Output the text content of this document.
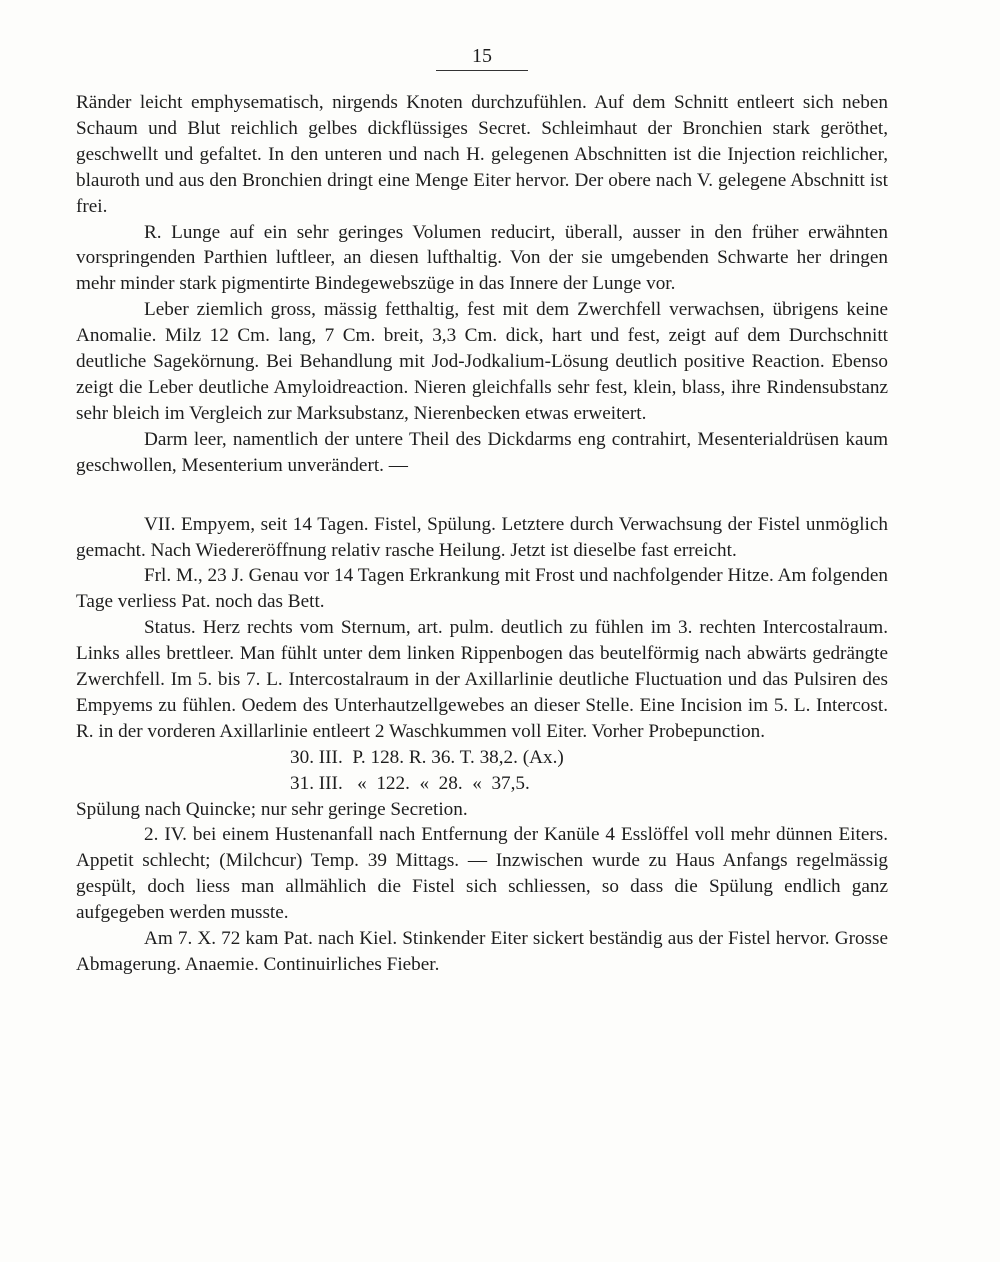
15

Ränder leicht emphysematisch, nirgends Knoten durchzufühlen. Auf dem Schnitt entleert sich neben Schaum und Blut reichlich gelbes dickflüssiges Secret. Schleimhaut der Bronchien stark geröthet, geschwellt und gefaltet. In den unteren und nach H. gelegenen Abschnitten ist die Injection reichlicher, blauroth und aus den Bronchien dringt eine Menge Eiter hervor. Der obere nach V. gelegene Abschnitt ist frei.

R. Lunge auf ein sehr geringes Volumen reducirt, überall, ausser in den früher erwähnten vorspringenden Parthien luftleer, an diesen lufthaltig. Von der sie umgebenden Schwarte her dringen mehr minder stark pigmentirte Bindegewebszüge in das Innere der Lunge vor.

Leber ziemlich gross, mässig fetthaltig, fest mit dem Zwerchfell verwachsen, übrigens keine Anomalie. Milz 12 Cm. lang, 7 Cm. breit, 3,3 Cm. dick, hart und fest, zeigt auf dem Durchschnitt deutliche Sagekörnung. Bei Behandlung mit Jod-Jodkalium-Lösung deutlich positive Reaction. Ebenso zeigt die Leber deutliche Amyloidreaction. Nieren gleichfalls sehr fest, klein, blass, ihre Rindensubstanz sehr bleich im Vergleich zur Marksubstanz, Nierenbecken etwas erweitert.

Darm leer, namentlich der untere Theil des Dickdarms eng contrahirt, Mesenterialdrüsen kaum geschwollen, Mesenterium unverändert. —

VII. Empyem, seit 14 Tagen. Fistel, Spülung. Letztere durch Verwachsung der Fistel unmöglich gemacht. Nach Wiedereröffnung relativ rasche Heilung. Jetzt ist dieselbe fast erreicht.

Frl. M., 23 J. Genau vor 14 Tagen Erkrankung mit Frost und nachfolgender Hitze. Am folgenden Tage verliess Pat. noch das Bett.

Status. Herz rechts vom Sternum, art. pulm. deutlich zu fühlen im 3. rechten Intercostalraum. Links alles brettleer. Man fühlt unter dem linken Rippenbogen das beutelförmig nach abwärts gedrängte Zwerchfell. Im 5. bis 7. L. Intercostalraum in der Axillarlinie deutliche Fluctuation und das Pulsiren des Empyems zu fühlen. Oedem des Unterhautzellgewebes an dieser Stelle. Eine Incision im 5. L. Intercost. R. in der vorderen Axillarlinie entleert 2 Waschkummen voll Eiter. Vorher Probepunction.

30. III.  P. 128. R. 36. T. 38,2. (Ax.)
31. III.   «  122.  «  28.  «  37,5.

Spülung nach Quincke; nur sehr geringe Secretion.

2. IV. bei einem Hustenanfall nach Entfernung der Kanüle 4 Esslöffel voll mehr dünnen Eiters. Appetit schlecht; (Milchcur) Temp. 39 Mittags. — Inzwischen wurde zu Haus Anfangs regelmässig gespült, doch liess man allmählich die Fistel sich schliessen, so dass die Spülung endlich ganz aufgegeben werden musste.

Am 7. X. 72 kam Pat. nach Kiel. Stinkender Eiter sickert beständig aus der Fistel hervor. Grosse Abmagerung. Anaemie. Continuirliches Fieber.
